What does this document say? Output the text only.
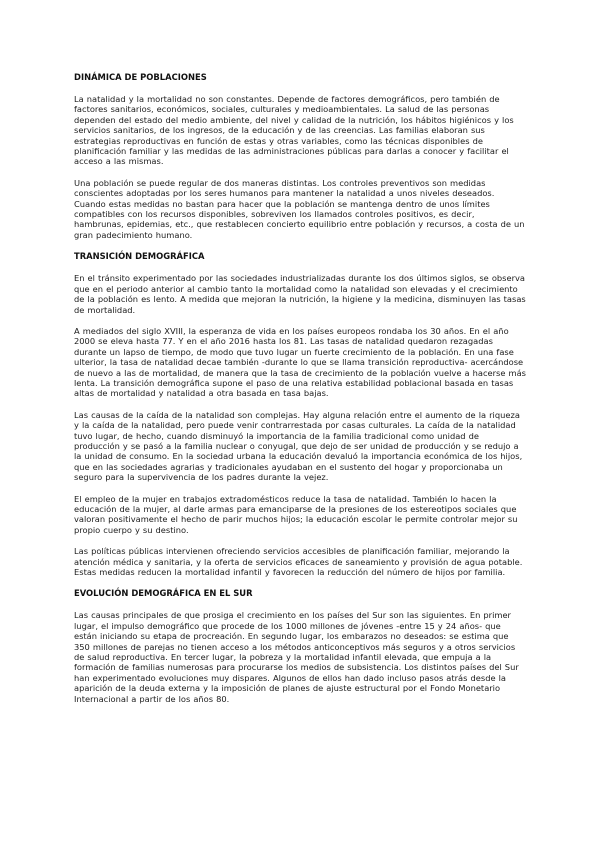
DINÁMICA DE POBLACIONES

La natalidad y la mortalidad no son constantes. Depende de factores demográficos, pero también de factores sanitarios, económicos, sociales, culturales y medioambientales. La salud de las personas dependen del estado del medio ambiente, del nivel y calidad de la nutrición, los hábitos higiénicos y los servicios sanitarios, de los ingresos, de la educación y de las creencias. Las familias elaboran sus estrategias reproductivas en función de estas y otras variables, como las técnicas disponibles de planificación familiar y las medidas de las administraciones públicas para darlas a conocer y facilitar el acceso a las mismas.

Una población se puede regular de dos maneras distintas. Los controles preventivos son medidas conscientes adoptadas por los seres humanos para mantener la natalidad a unos niveles deseados. Cuando estas medidas no bastan para hacer que la población se mantenga dentro de unos límites compatibles con los recursos disponibles, sobreviven los llamados controles positivos, es decir, hambrunas, epidemias, etc., que restablecen concierto equilibrio entre población y recursos, a costa de un gran padecimiento humano.

TRANSICIÓN DEMOGRÁFICA

En el tránsito experimentado por las sociedades industrializadas durante los dos últimos siglos, se observa que en el periodo anterior al cambio tanto la mortalidad como la natalidad son elevadas y el crecimiento de la población es lento. A medida que mejoran la nutrición, la higiene y la medicina, disminuyen las tasas de mortalidad.

A mediados del siglo XVIII, la esperanza de vida en los países europeos rondaba los 30 años. En el año 2000 se eleva hasta 77. Y en el año 2016 hasta los 81. Las tasas de natalidad quedaron rezagadas durante un lapso de tiempo, de modo que tuvo lugar un fuerte crecimiento de la población. En una fase ulterior, la tasa de natalidad decae también -durante lo que se llama transición reproductiva- acercándose de nuevo a las de mortalidad, de manera que la tasa de crecimiento de la población vuelve a hacerse más lenta. La transición demográfica supone el paso de una relativa estabilidad poblacional basada en tasas altas de mortalidad y natalidad a otra basada en tasa bajas.

Las causas de la caída de la natalidad son complejas. Hay alguna relación entre el aumento de la riqueza y la caída de la natalidad, pero puede venir contrarrestada por casas culturales. La caída de la natalidad tuvo lugar, de hecho, cuando disminuyó la importancia de la familia tradicional como unidad de producción y se pasó a la familia nuclear o conyugal, que dejo de ser unidad de producción y se redujo a la unidad de consumo. En la sociedad urbana la educación devaluó la importancia económica de los hijos, que en las sociedades agrarias y tradicionales ayudaban en el sustento del hogar y proporcionaba un seguro para la supervivencia de los padres durante la vejez.

El empleo de la mujer en trabajos extradomésticos reduce la tasa de natalidad. También lo hacen la educación de la mujer, al darle armas para emanciparse de la presiones de los estereotipos sociales que valoran positivamente el hecho de parir muchos hijos; la educación escolar le permite controlar mejor su propio cuerpo y su destino.

Las políticas públicas intervienen ofreciendo servicios accesibles de planificación familiar, mejorando la atención médica y sanitaria, y la oferta de servicios eficaces de saneamiento y provisión de agua potable. Estas medidas reducen la mortalidad infantil y favorecen la reducción del número de hijos por familia.

EVOLUCIÓN DEMOGRÁFICA EN EL SUR

Las causas principales de que prosiga el crecimiento en los países del Sur son las siguientes. En primer lugar, el impulso demográfico que procede de los 1000 millones de jóvenes -entre 15 y 24 años- que están iniciando su etapa de procreación. En segundo lugar, los embarazos no deseados: se estima que 350 millones de parejas no tienen acceso a los métodos anticonceptivos más seguros y a otros servicios de salud reproductiva. En tercer lugar, la pobreza y la mortalidad infantil elevada, que empuja a la formación de familias numerosas para procurarse los medios de subsistencia. Los distintos países del Sur han experimentado evoluciones muy dispares. Algunos de ellos han dado incluso pasos atrás desde la aparición de la deuda externa y la imposición de planes de ajuste estructural por el Fondo Monetario Internacional a partir de los años 80.
